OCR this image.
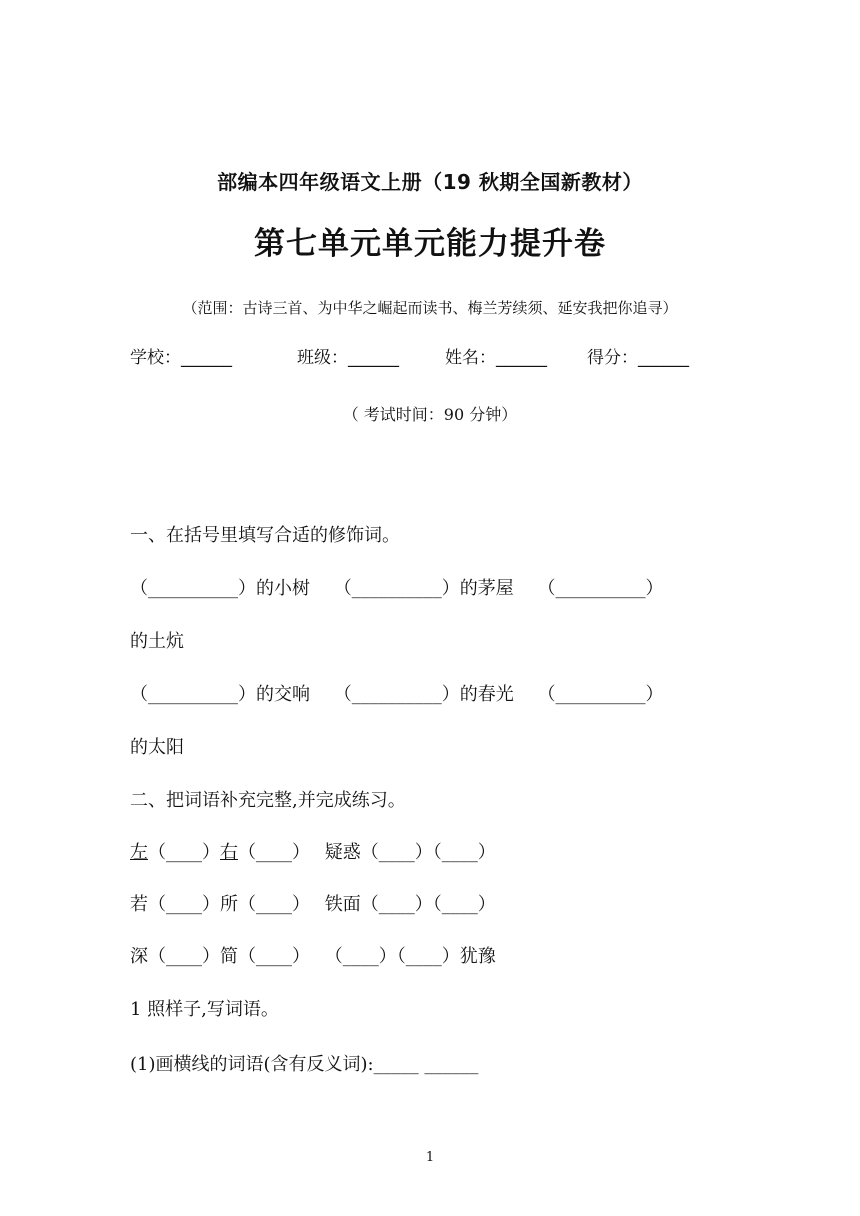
部编本四年级语文上册（19 秋期全国新教材）
第七单元单元能力提升卷
（范围：古诗三首、为中华之崛起而读书、梅兰芳续须、延安我把你追寻）
学校：______	班级：______	姓名：______ 得分：______
（ 考试时间：90 分钟）
一、在括号里填写合适的修饰词。
（__________）的小树　 （__________）的茅屋　 （__________）
的土炕
（__________）的交响　 （__________）的春光　 （__________）
的太阳
二、把词语补充完整,并完成练习。
左（____）右（____）　 疑惑（____）（____）
若（____）所（____）　 铁面（____）（____）
深（____）简（____）　 （____）（____）犹豫
1 照样子,写词语。
(1)画横线的词语(含有反义词):_____ ______
1
